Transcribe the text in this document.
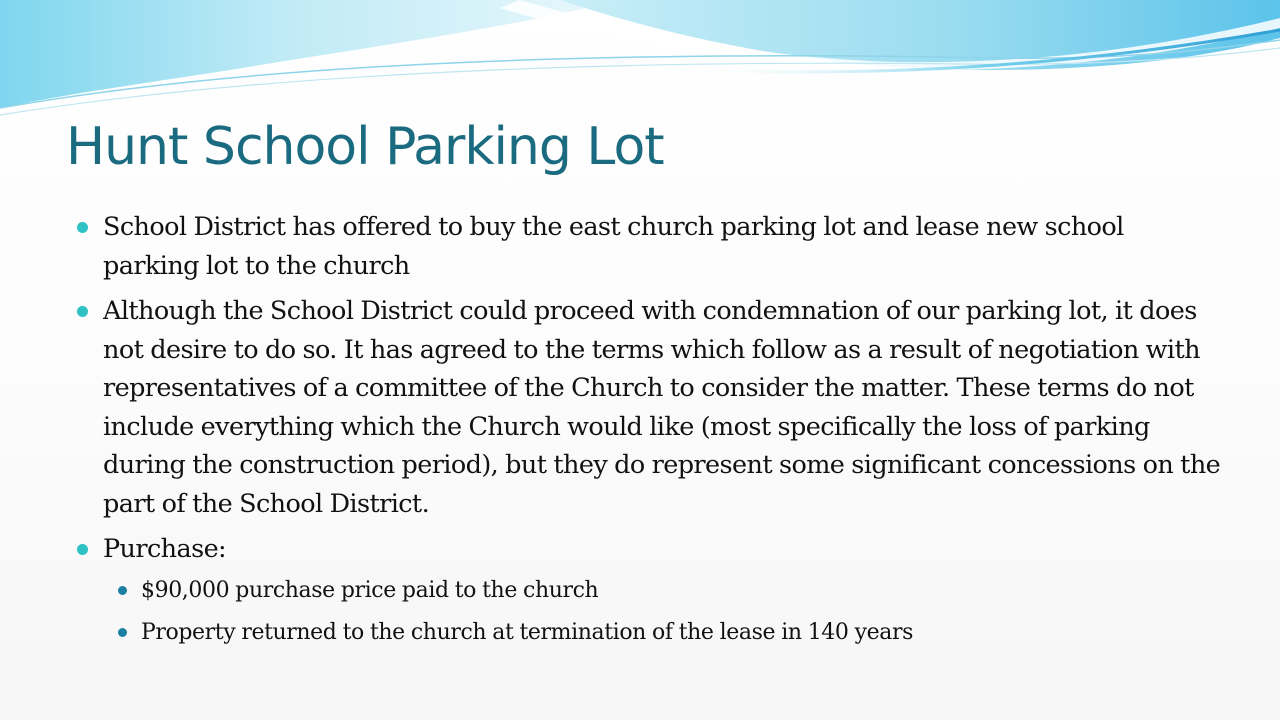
Hunt School Parking Lot
School District has offered to buy the east church parking lot and lease new school parking lot to the church
Although the School District could proceed with condemnation of our parking lot, it does not desire to do so. It has agreed to the terms which follow as a result of negotiation with representatives of a committee of the Church to consider the matter. These terms do not include everything which the Church would like (most specifically the loss of parking during the construction period), but they do represent some significant concessions on the part of the School District.
Purchase:
$90,000 purchase price paid to the church
Property returned to the church at termination of the lease in 140 years
